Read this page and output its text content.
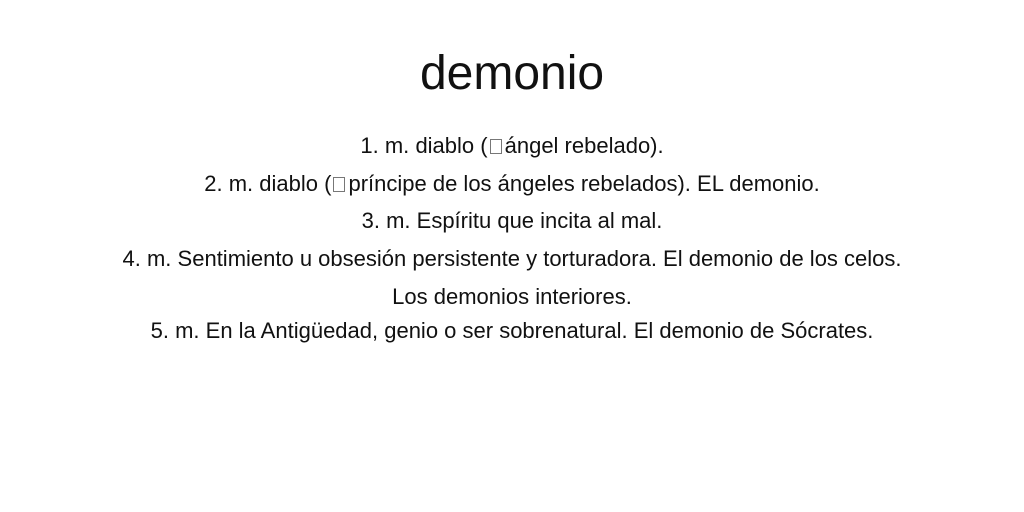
demonio
1. m. diablo ( ángel rebelado).
2. m. diablo ( príncipe de los ángeles rebelados). EL demonio.
3. m. Espíritu que incita al mal.
4. m. Sentimiento u obsesión persistente y torturadora. El demonio de los celos.
Los demonios interiores.
5. m. En la Antigüedad, genio o ser sobrenatural. El demonio de Sócrates.
